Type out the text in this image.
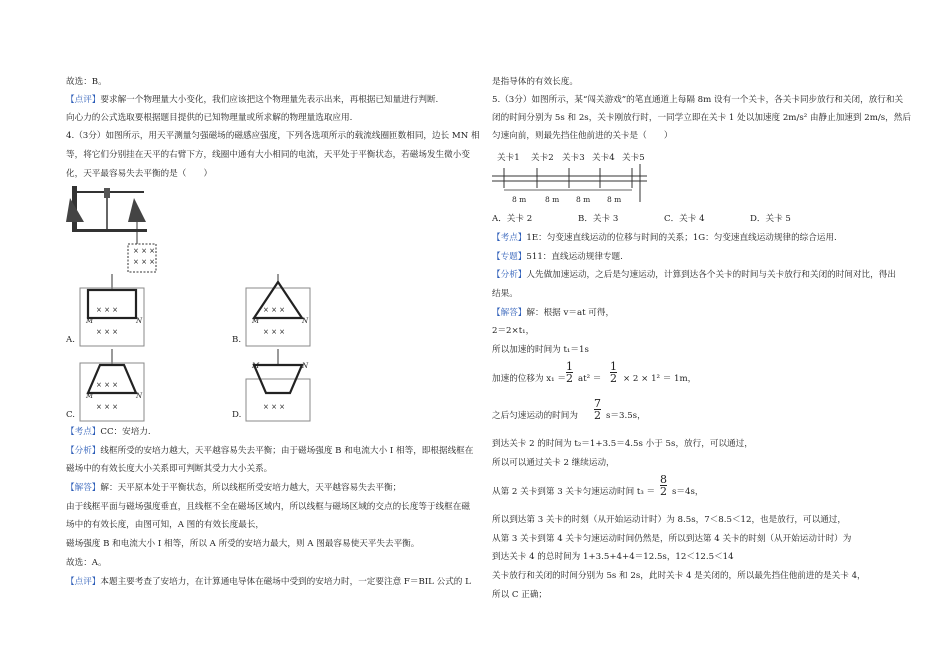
故选：B。
【点评】要求解一个物理量大小变化，我们应该把这个物理量先表示出来，再根据已知量进行判断.
向心力的公式选取要根据题目提供的已知物理量或所求解的物理量选取应用.
4.（3分）如图所示，用天平测量匀强磁场的磁感应强度，下列各选项所示的载流线圈匝数相同，边长 MN 相
等，将它们分别挂在天平的右臂下方，线圈中通有大小相同的电流，天平处于平衡状态，若磁场发生微小变
化，天平最容易失去平衡的是（　　）
× × ×
× × ×
× × ×
× × ×
M	N
A.
× × ×
× × ×
M	N
B.
× × ×
× × ×
M	N
C.
× × ×
M	N
D.
【考点】CC：安培力.
【分析】线框所受的安培力越大，天平越容易失去平衡；由于磁场强度 B 和电流大小 I 相等，即根据线框在
磁场中的有效长度大小关系即可判断其受力大小关系。
【解答】解：天平原本处于平衡状态，所以线框所受安培力越大，天平越容易失去平衡；
由于线框平面与磁场强度垂直，且线框不全在磁场区域内，所以线框与磁场区域的交点的长度等于线框在磁
场中的有效长度，由图可知，A 图的有效长度最长，
磁场强度 B 和电流大小 I 相等，所以 A 所受的安培力最大，则 A 图最容易使天平失去平衡。
故选：A。
【点评】本题主要考查了安培力，在计算通电导体在磁场中受到的安培力时，一定要注意 F＝BIL 公式的 L
是指导体的有效长度。
5.（3分）如图所示，某“闯关游戏”的笔直通道上每隔 8m 设有一个关卡，各关卡同步放行和关闭，放行和关
闭的时间分别为 5s 和 2s，关卡刚放行时，一同学立即在关卡 1 处以加速度 2m/s² 由静止加速到 2m/s，然后
匀速向前，则最先挡住他前进的关卡是（　　）
关卡1 关卡2 关卡3 关卡4 关卡5
8 m 8 m 8 m 8 m
A．关卡 2	B．关卡 3	C．关卡 4	D．关卡 5
【考点】1E：匀变速直线运动的位移与时间的关系；1G：匀变速直线运动规律的综合运用.
【专题】511：直线运动规律专题.
【分析】人先做加速运动，之后是匀速运动，计算到达各个关卡的时间与关卡放行和关闭的时间对比，得出
结果。
【解答】解：根据 v＝at 可得，
2＝2×t₁，
所以加速的时间为 t₁＝1s
加速的位移为 $x_1 = \frac{1}{2} at^2 = \frac{1}{2} \times 2 \times 1^2 = 1m$，
之后匀速运动的时间为 $\frac{7}{2} s=3.5s$，
到达关卡 2 的时间为 t₂＝1+3.5＝4.5s 小于 5s，放行，可以通过，
所以可以通过关卡 2 继续运动，
从第 2 关卡到第 3 关卡匀速运动时间 $t_3 = \frac{8}{2} s=4s$，
所以到达第 3 关卡的时刻（从开始运动计时）为 8.5s，7＜8.5＜12，也是放行，可以通过，
从第 3 关卡到第 4 关卡匀速运动时间仍然是，所以到达第 4 关卡的时刻（从开始运动计时）为
到达关卡 4 的总时间为 1+3.5+4+4＝12.5s，12＜12.5＜14
关卡放行和关闭的时间分别为 5s 和 2s，此时关卡 4 是关闭的，所以最先挡住他前进的是关卡 4，
所以 C 正确；
